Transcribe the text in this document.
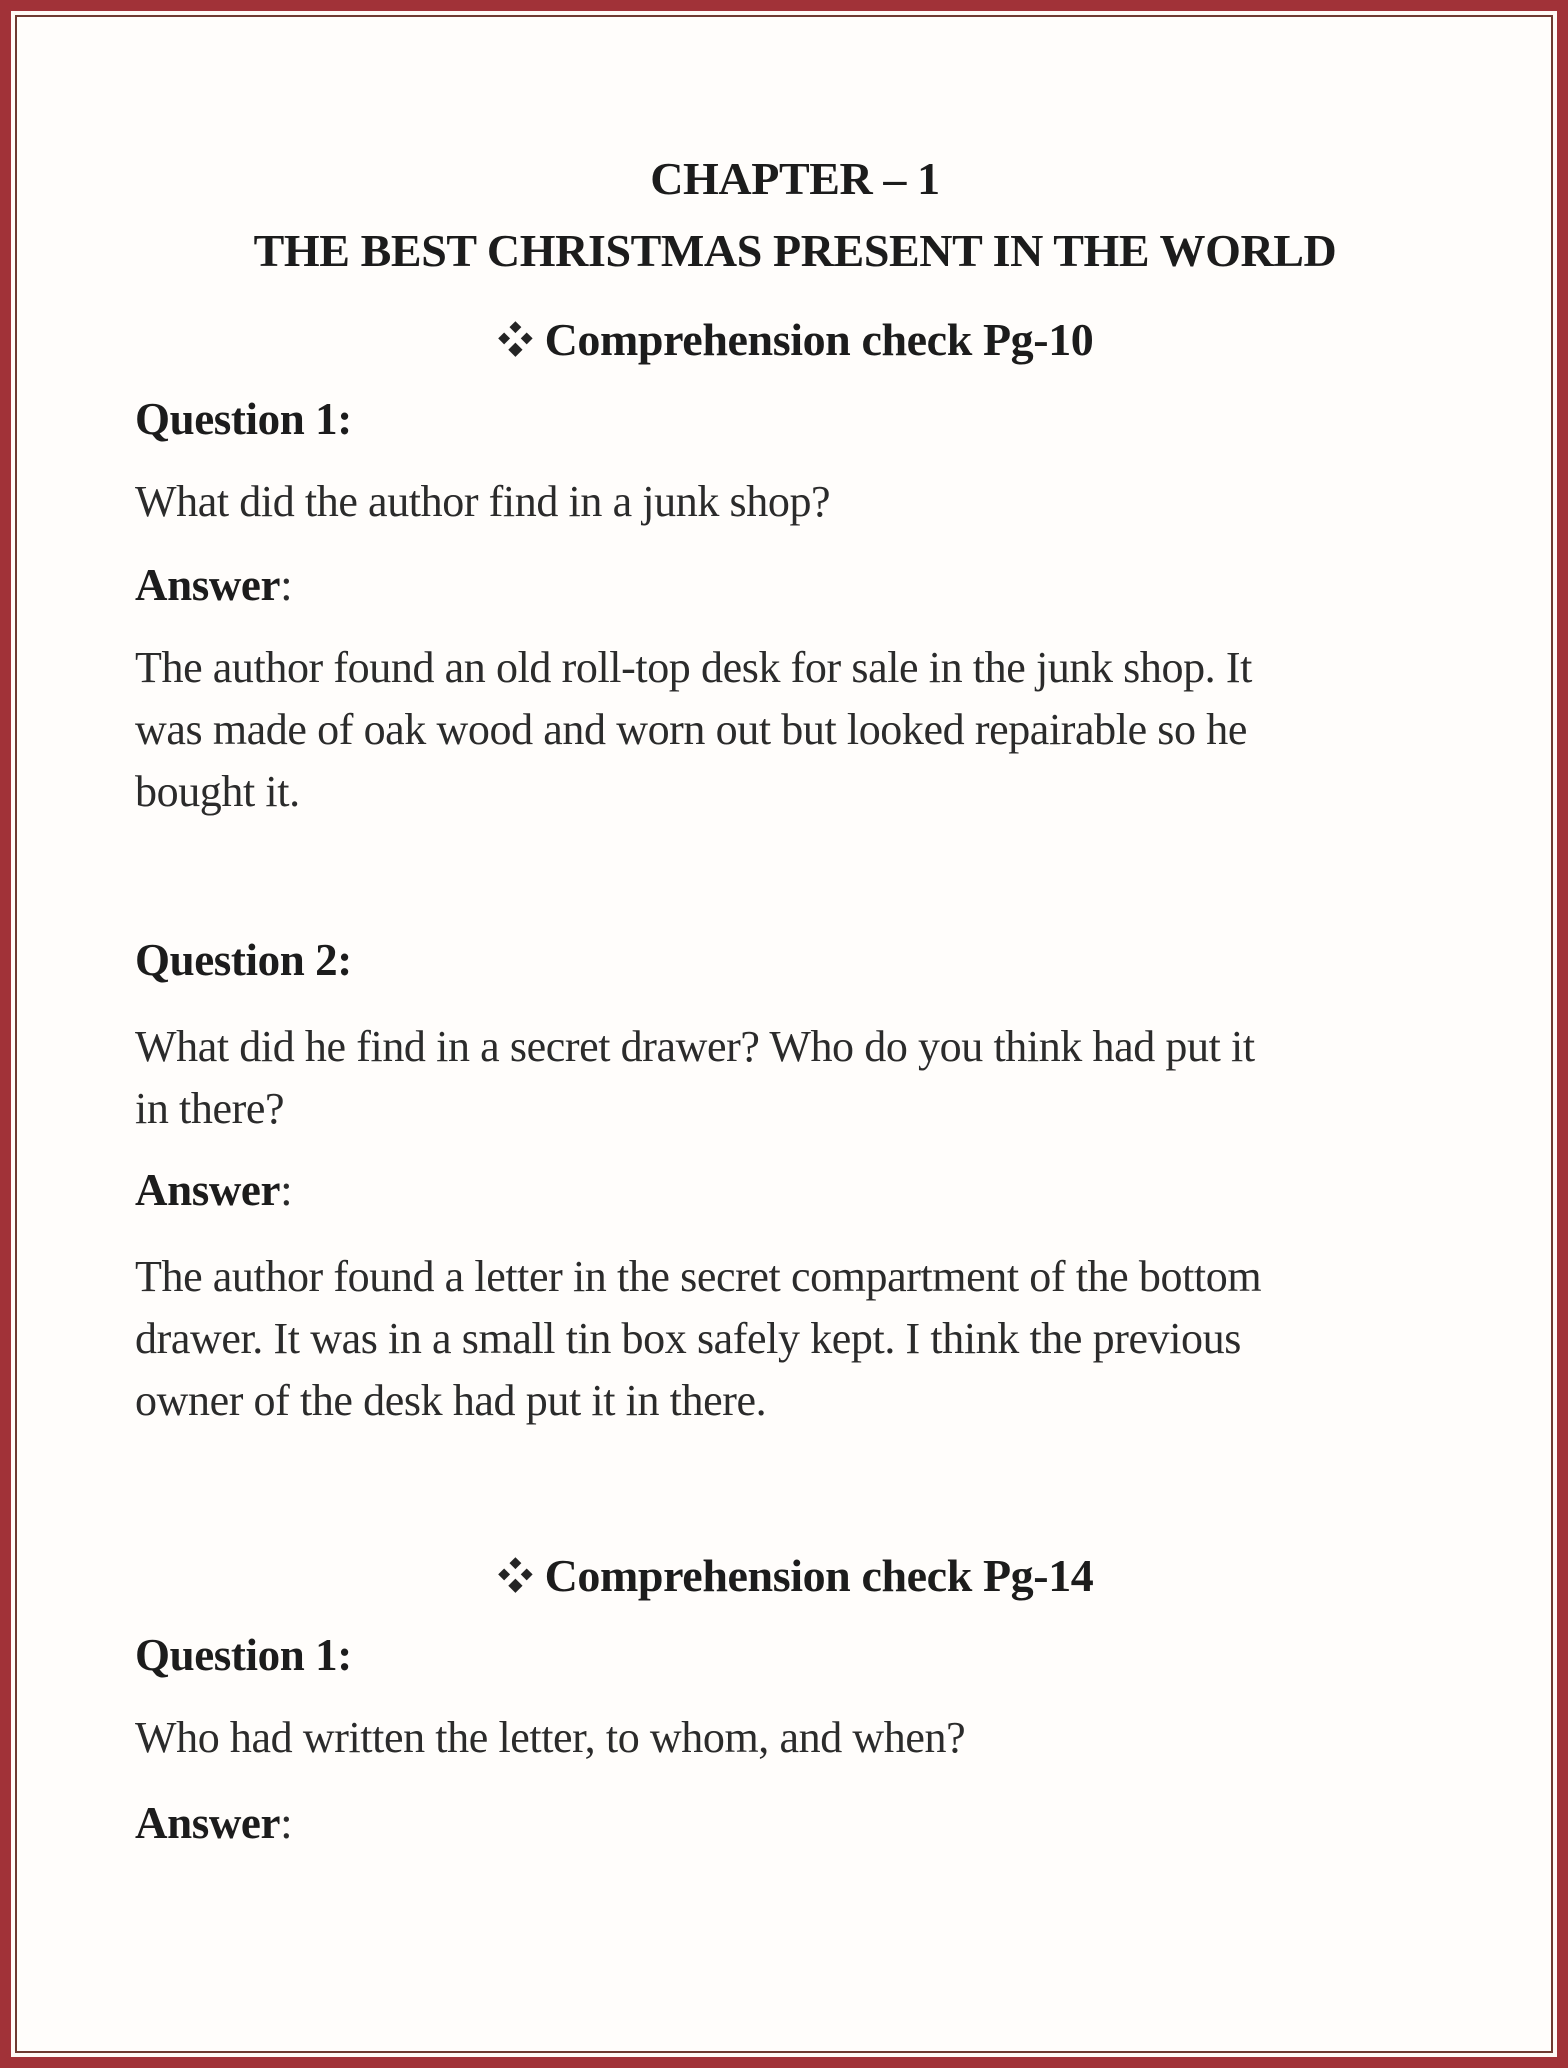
CHAPTER – 1
THE BEST CHRISTMAS PRESENT IN THE WORLD
Comprehension check Pg-10
Question 1:
What did the author find in a junk shop?
Answer:
The author found an old roll-top desk for sale in the junk shop. It
was made of oak wood and worn out but looked repairable so he
bought it.
Question 2:
What did he find in a secret drawer? Who do you think had put it
in there?
Answer:
The author found a letter in the secret compartment of the bottom
drawer. It was in a small tin box safely kept. I think the previous
owner of the desk had put it in there.
Comprehension check Pg-14
Question 1:
Who had written the letter, to whom, and when?
Answer:
